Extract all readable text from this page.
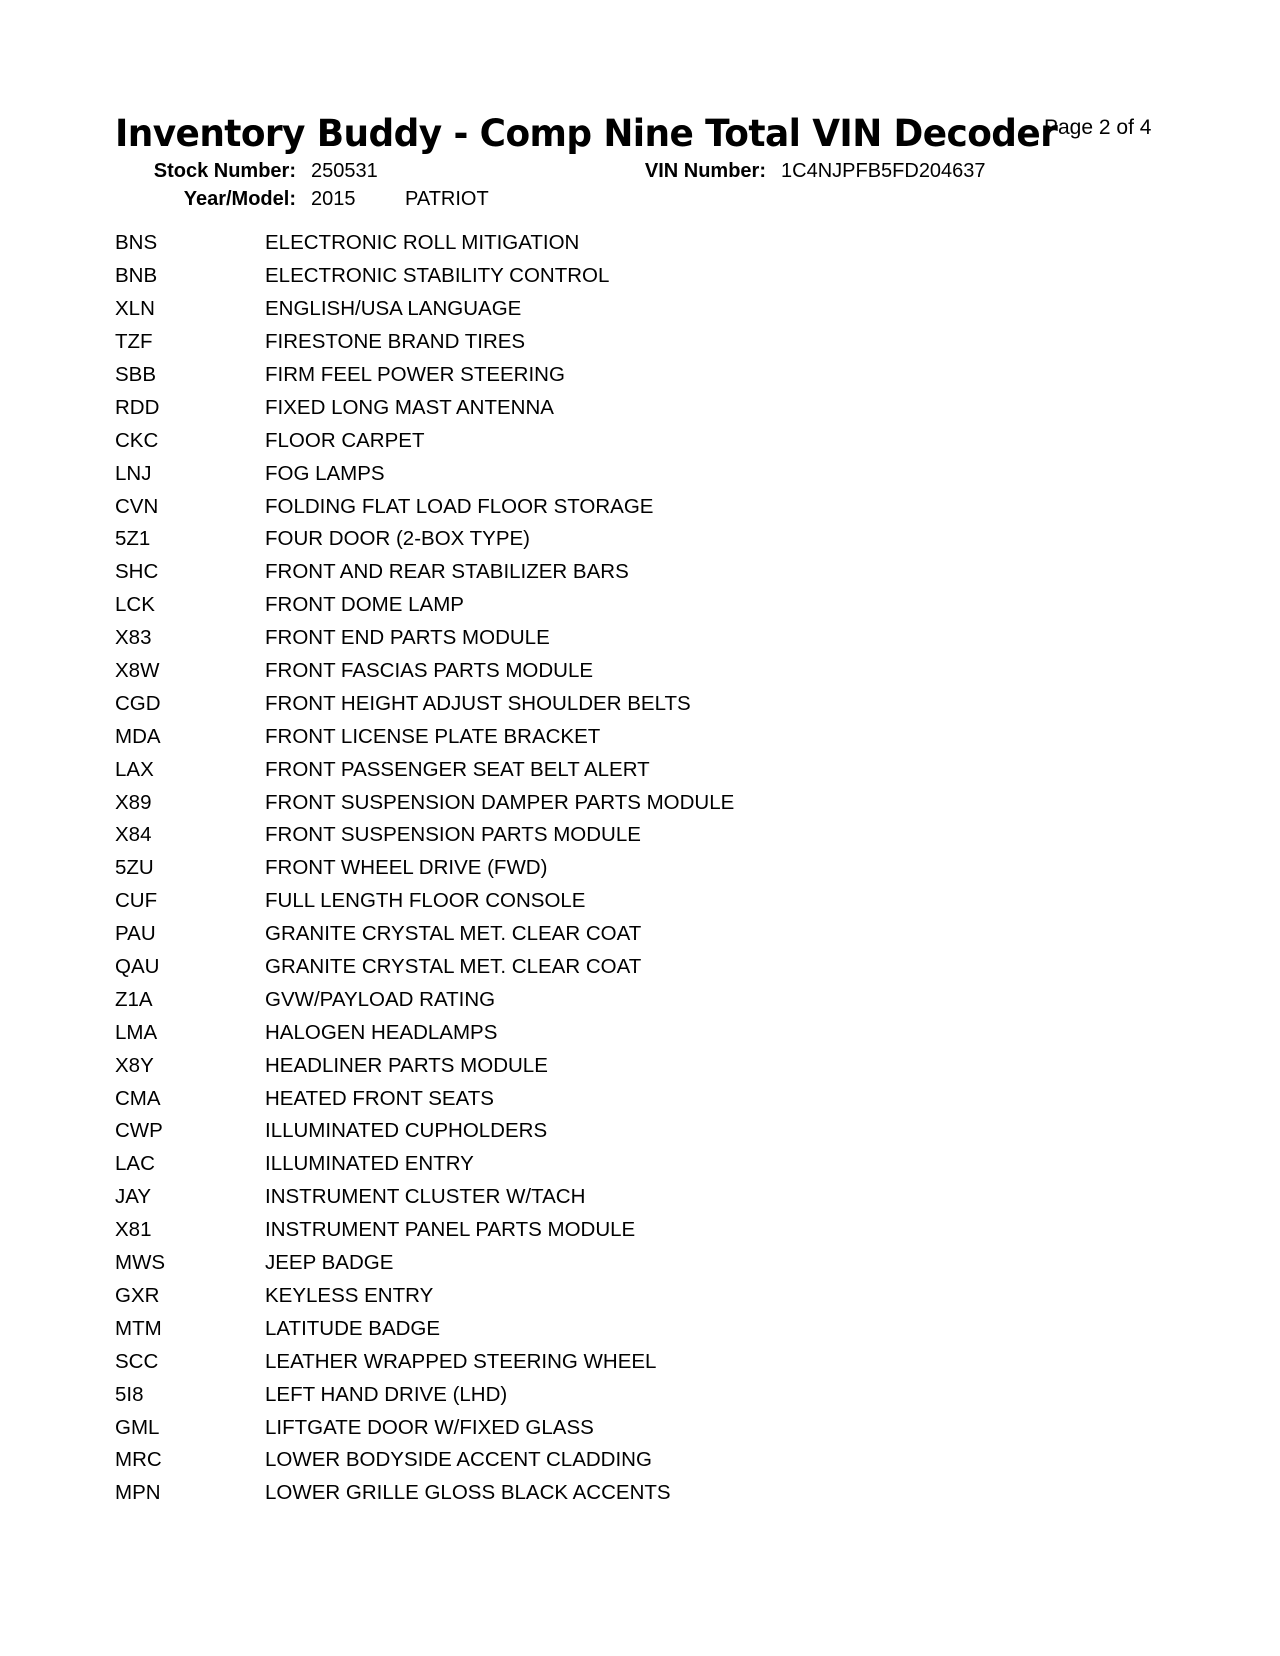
Inventory Buddy - Comp Nine Total VIN Decoder
Page 2 of 4
Stock Number: 250531	VIN Number: 1C4NJPFB5FD204637
Year/Model: 2015 PATRIOT
BNS	ELECTRONIC ROLL MITIGATION
BNB	ELECTRONIC STABILITY CONTROL
XLN	ENGLISH/USA LANGUAGE
TZF	FIRESTONE BRAND TIRES
SBB	FIRM FEEL POWER STEERING
RDD	FIXED LONG MAST ANTENNA
CKC	FLOOR CARPET
LNJ	FOG LAMPS
CVN	FOLDING FLAT LOAD FLOOR STORAGE
5Z1	FOUR DOOR (2-BOX TYPE)
SHC	FRONT AND REAR STABILIZER BARS
LCK	FRONT DOME LAMP
X83	FRONT END PARTS MODULE
X8W	FRONT FASCIAS PARTS MODULE
CGD	FRONT HEIGHT ADJUST SHOULDER BELTS
MDA	FRONT LICENSE PLATE BRACKET
LAX	FRONT PASSENGER SEAT BELT ALERT
X89	FRONT SUSPENSION DAMPER PARTS MODULE
X84	FRONT SUSPENSION PARTS MODULE
5ZU	FRONT WHEEL DRIVE (FWD)
CUF	FULL LENGTH FLOOR CONSOLE
PAU	GRANITE CRYSTAL MET. CLEAR COAT
QAU	GRANITE CRYSTAL MET. CLEAR COAT
Z1A	GVW/PAYLOAD RATING
LMA	HALOGEN HEADLAMPS
X8Y	HEADLINER PARTS MODULE
CMA	HEATED FRONT SEATS
CWP	ILLUMINATED CUPHOLDERS
LAC	ILLUMINATED ENTRY
JAY	INSTRUMENT CLUSTER W/TACH
X81	INSTRUMENT PANEL PARTS MODULE
MWS	JEEP BADGE
GXR	KEYLESS ENTRY
MTM	LATITUDE BADGE
SCC	LEATHER WRAPPED STEERING WHEEL
5I8	LEFT HAND DRIVE (LHD)
GML	LIFTGATE DOOR W/FIXED GLASS
MRC	LOWER BODYSIDE ACCENT CLADDING
MPN	LOWER GRILLE GLOSS BLACK ACCENTS
